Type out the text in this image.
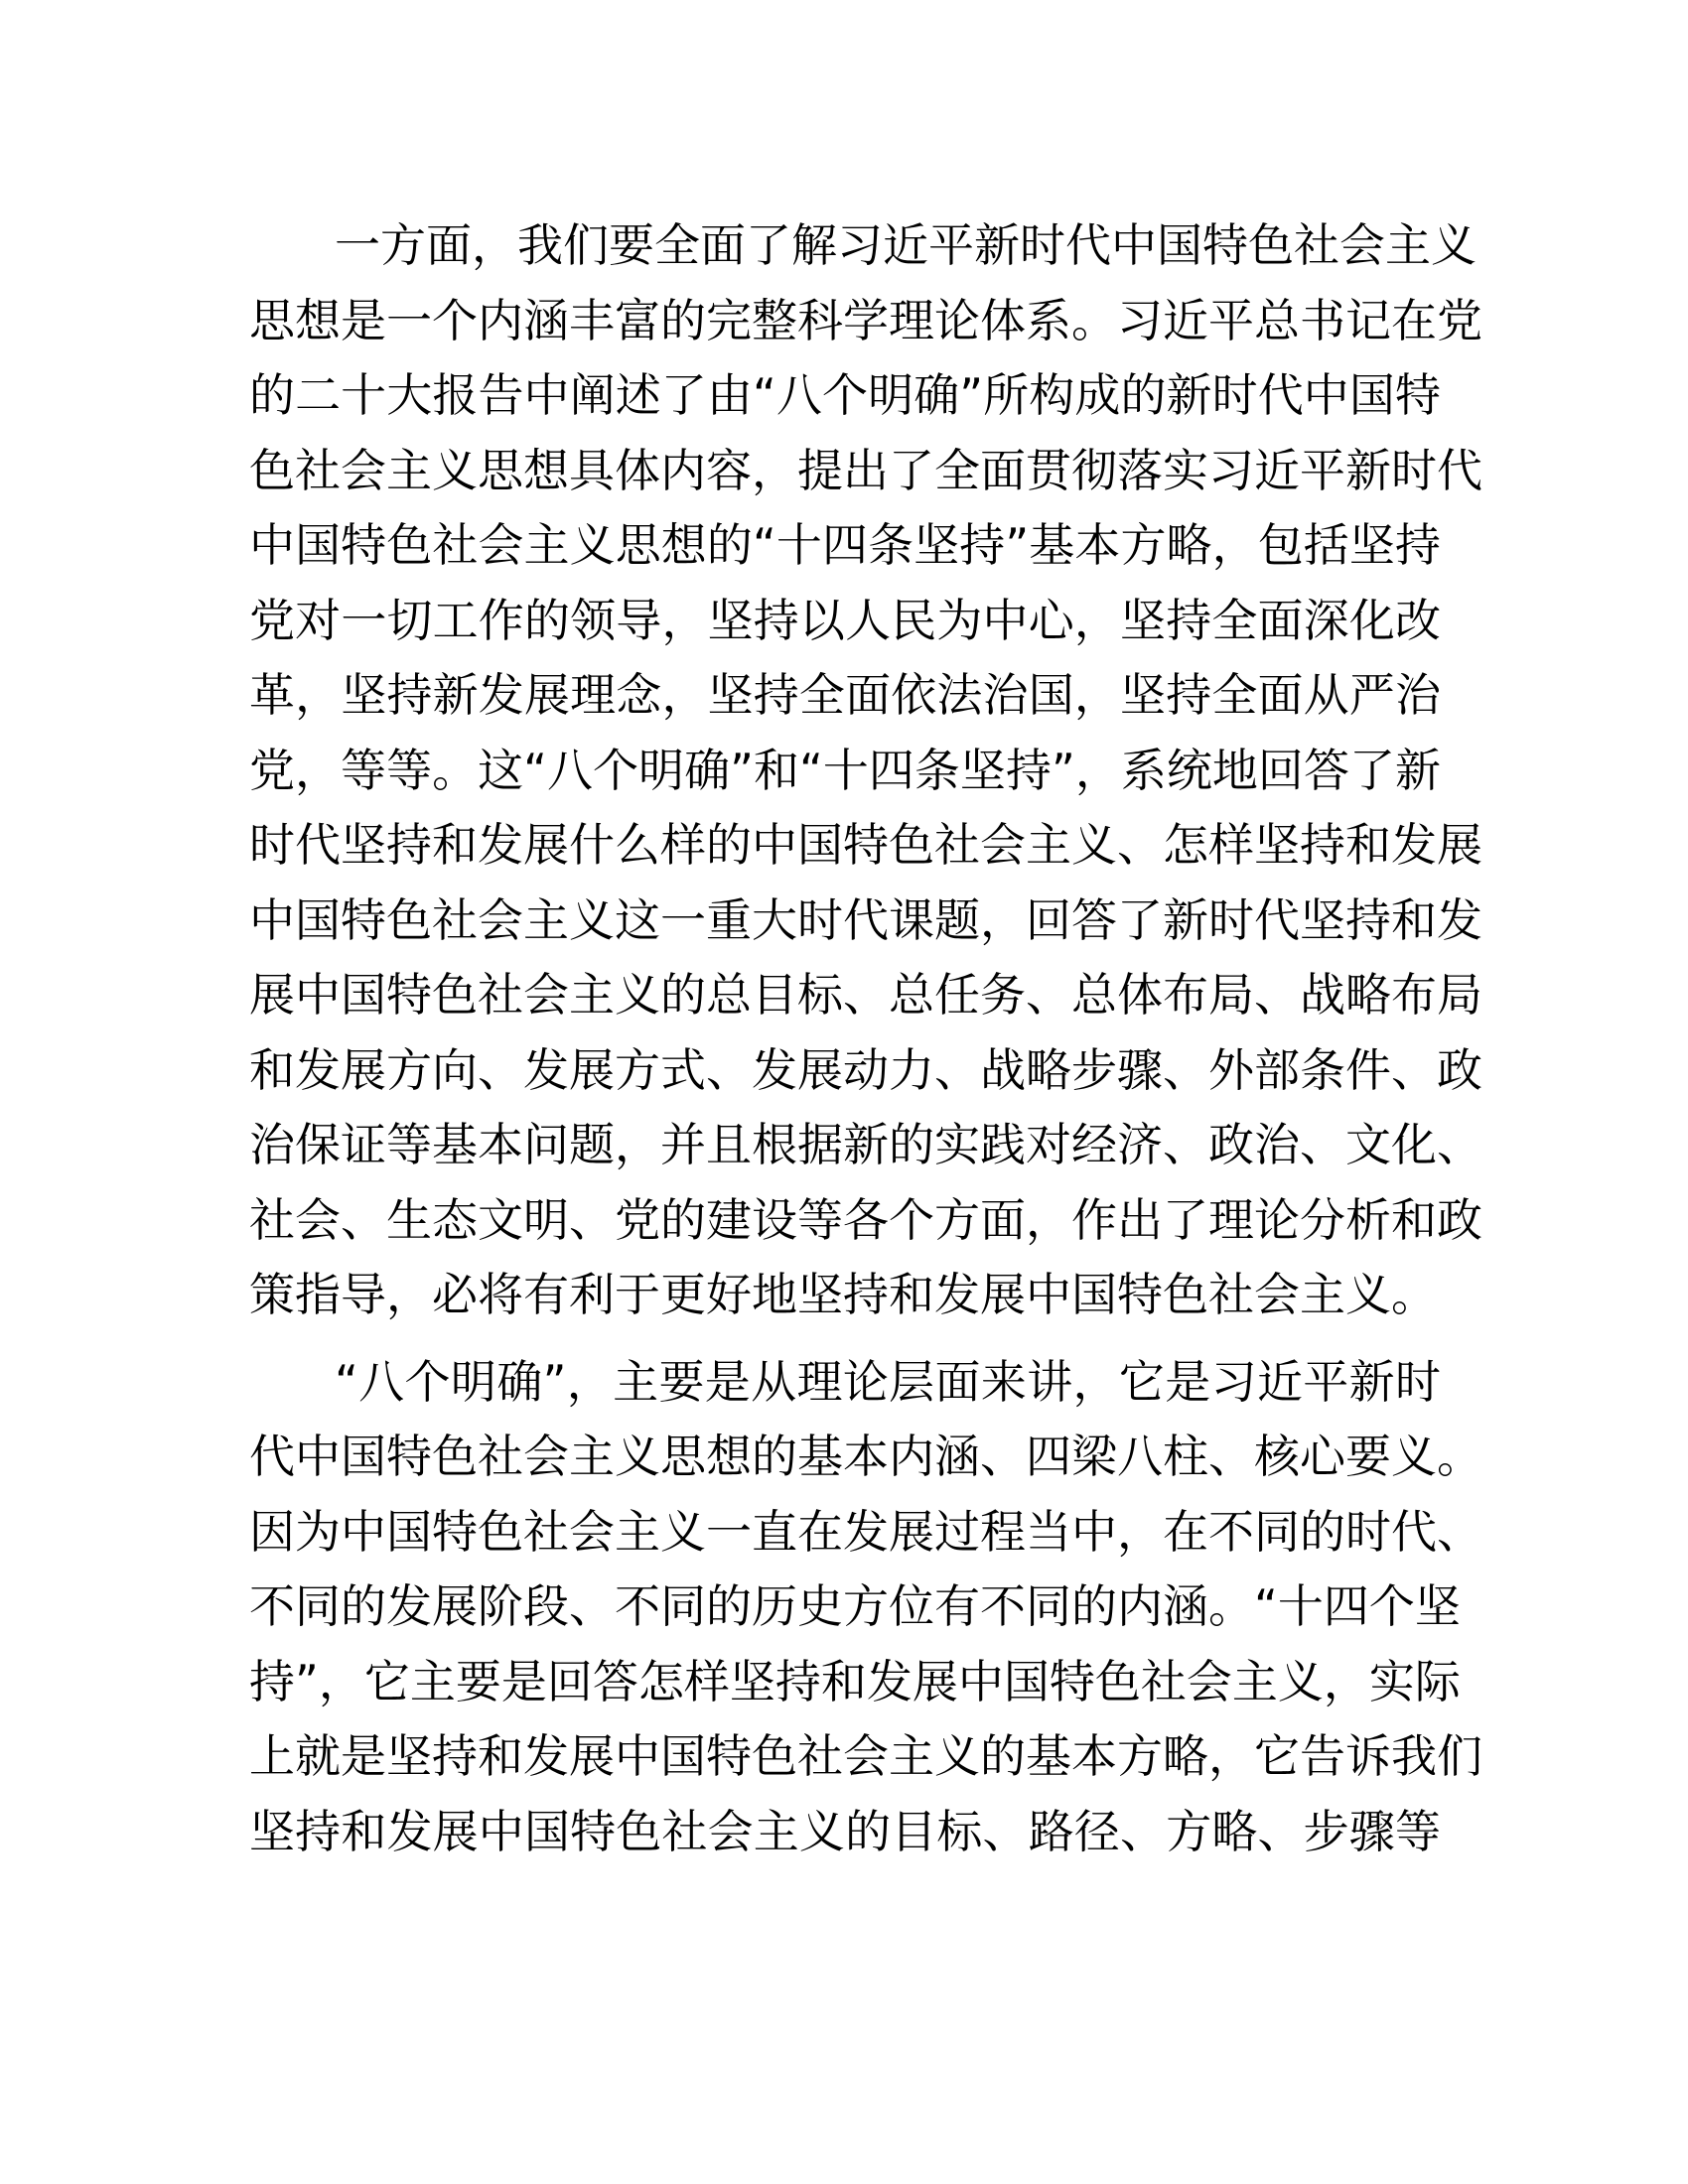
一方面，我们要全面了解习近平新时代中国特色社会主义
思想是一个内涵丰富的完整科学理论体系。习近平总书记在党
的二十大报告中阐述了由“八个明确”所构成的新时代中国特
色社会主义思想具体内容，提出了全面贯彻落实习近平新时代
中国特色社会主义思想的“十四条坚持”基本方略，包括坚持
党对一切工作的领导，坚持以人民为中心，坚持全面深化改
革，坚持新发展理念，坚持全面依法治国，坚持全面从严治
党，等等。这“八个明确”和“十四条坚持”，系统地回答了新
时代坚持和发展什么样的中国特色社会主义、怎样坚持和发展
中国特色社会主义这一重大时代课题，回答了新时代坚持和发
展中国特色社会主义的总目标、总任务、总体布局、战略布局
和发展方向、发展方式、发展动力、战略步骤、外部条件、政
治保证等基本问题，并且根据新的实践对经济、政治、文化、
社会、生态文明、党的建设等各个方面，作出了理论分析和政
策指导，必将有利于更好地坚持和发展中国特色社会主义。
“八个明确”，主要是从理论层面来讲，它是习近平新时
代中国特色社会主义思想的基本内涵、四梁八柱、核心要义。
因为中国特色社会主义一直在发展过程当中，在不同的时代、
不同的发展阶段、不同的历史方位有不同的内涵。“十四个坚
持”，它主要是回答怎样坚持和发展中国特色社会主义，实际
上就是坚持和发展中国特色社会主义的基本方略，它告诉我们
坚持和发展中国特色社会主义的目标、路径、方略、步骤等
